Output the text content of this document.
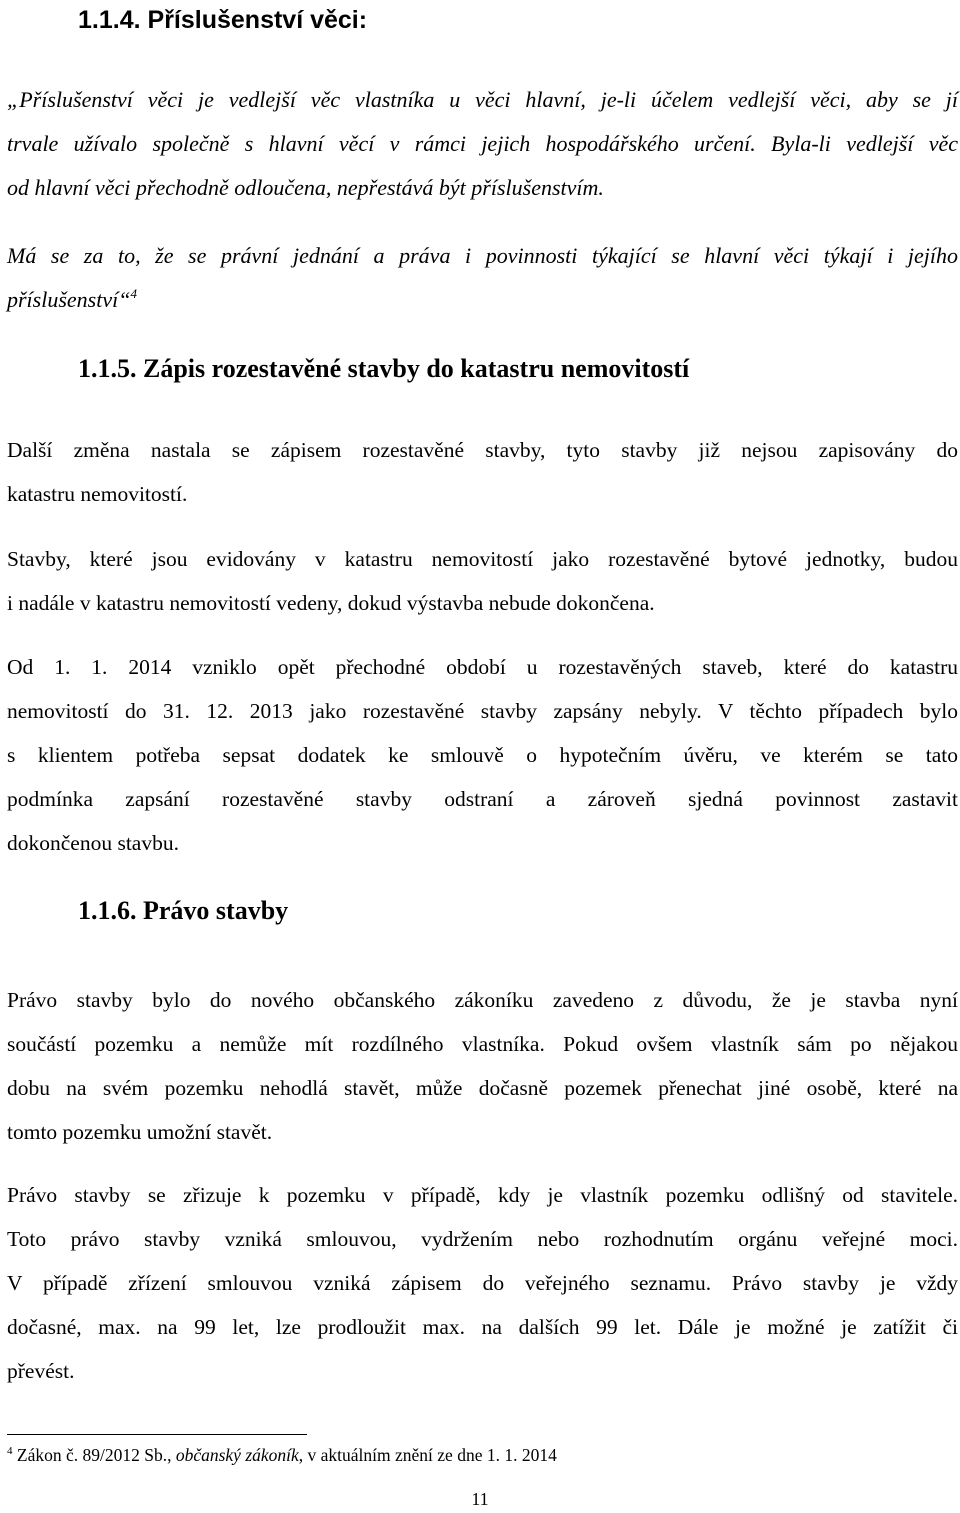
1.1.4. Příslušenství věci:
„Příslušenství věci je vedlejší věc vlastníka u věci hlavní, je-li účelem vedlejší věci, aby se jí
trvale užívalo společně s hlavní věcí v rámci jejich hospodářského určení. Byla-li vedlejší věc
od hlavní věci přechodně odloučena, nepřestává být příslušenstvím.
Má se za to, že se právní jednání a práva i povinnosti týkající se hlavní věci týkají i jejího
příslušenství“$^4$
1.1.5. Zápis rozestavěné stavby do katastru nemovitostí
Další změna nastala se zápisem rozestavěné stavby, tyto stavby již nejsou zapisovány do
katastru nemovitostí.
Stavby, které jsou evidovány v katastru nemovitostí jako rozestavěné bytové jednotky, budou
i nadále v katastru nemovitostí vedeny, dokud výstavba nebude dokončena.
Od 1. 1. 2014 vzniklo opět přechodné období u rozestavěných staveb, které do katastru
nemovitostí do 31. 12. 2013 jako rozestavěné stavby zapsány nebyly. V těchto případech bylo
s klientem potřeba sepsat dodatek ke smlouvě o hypotečním úvěru, ve kterém se tato
podmínka zapsání rozestavěné stavby odstraní a zároveň sjedná povinnost zastavit
dokončenou stavbu.
1.1.6. Právo stavby
Právo stavby bylo do nového občanského zákoníku zavedeno z důvodu, že je stavba nyní
součástí pozemku a nemůže mít rozdílného vlastníka. Pokud ovšem vlastník sám po nějakou
dobu na svém pozemku nehodlá stavět, může dočasně pozemek přenechat jiné osobě, které na
tomto pozemku umožní stavět.
Právo stavby se zřizuje k pozemku v případě, kdy je vlastník pozemku odlišný od stavitele.
Toto právo stavby vzniká smlouvou, vydržením nebo rozhodnutím orgánu veřejné moci.
V případě zřízení smlouvou vzniká zápisem do veřejného seznamu. Právo stavby je vždy
dočasné, max. na 99 let, lze prodloužit max. na dalších 99 let. Dále je možné je zatížit či
převést.
$^4$ Zákon č. 89/2012 Sb., občanský zákoník, v aktuálním znění ze dne 1. 1. 2014
11
